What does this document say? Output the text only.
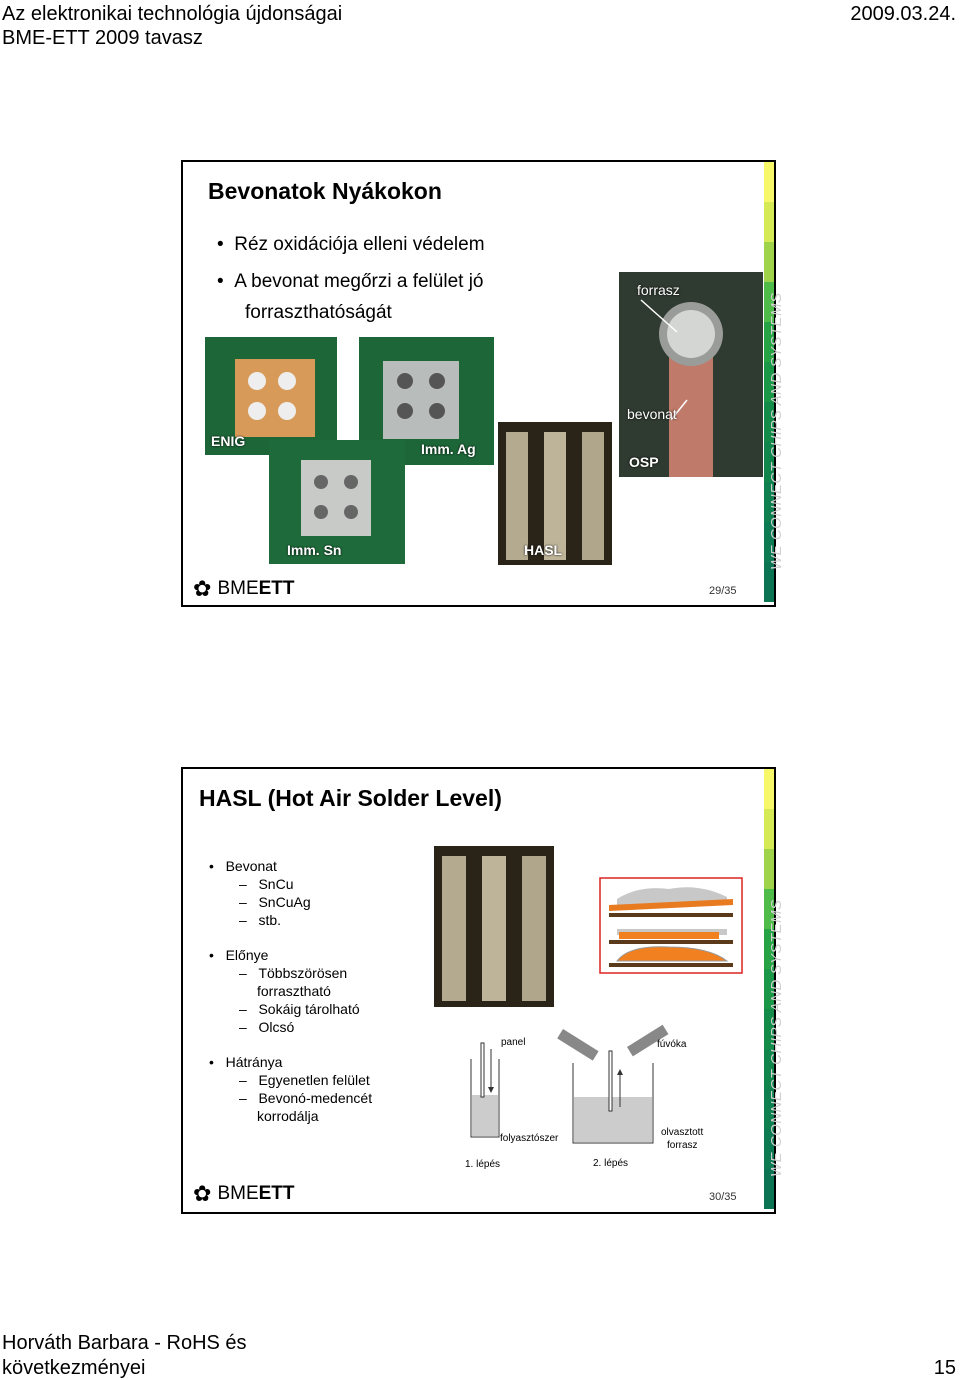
Az elektronikai technológia újdonságai
BME-ETT 2009 tavasz
2009.03.24.
WE CONNECT CHIPS AND SYSTEMS
Bevonatok Nyákokon
•  Réz oxidációja elleni védelem
•  A bevonat megőrzi a felület jó
forraszthatóságát
ENIG	Imm. Ag
Imm. Sn	HASL
forrasz
bevonat
OSP
✿ BMEETT	29/35
WE CONNECT CHIPS AND SYSTEMS
HASL (Hot Air Solder Level)
•   Bevonat
–   SnCu
–   SnCuAg
–   stb.
•   Előnye
–   Többszörösen
forrasztható
–   Sokáig tárolható
–   Olcsó
•   Hátránya
–   Egyenetlen felület
–   Bevonó-medencét
korrodálja
panel	fúvóka
folyasztószer
olvasztott
forrasz
1. lépés	2. lépés
✿ BMEETT	30/35
Horváth Barbara - RoHS és
következményei	15
